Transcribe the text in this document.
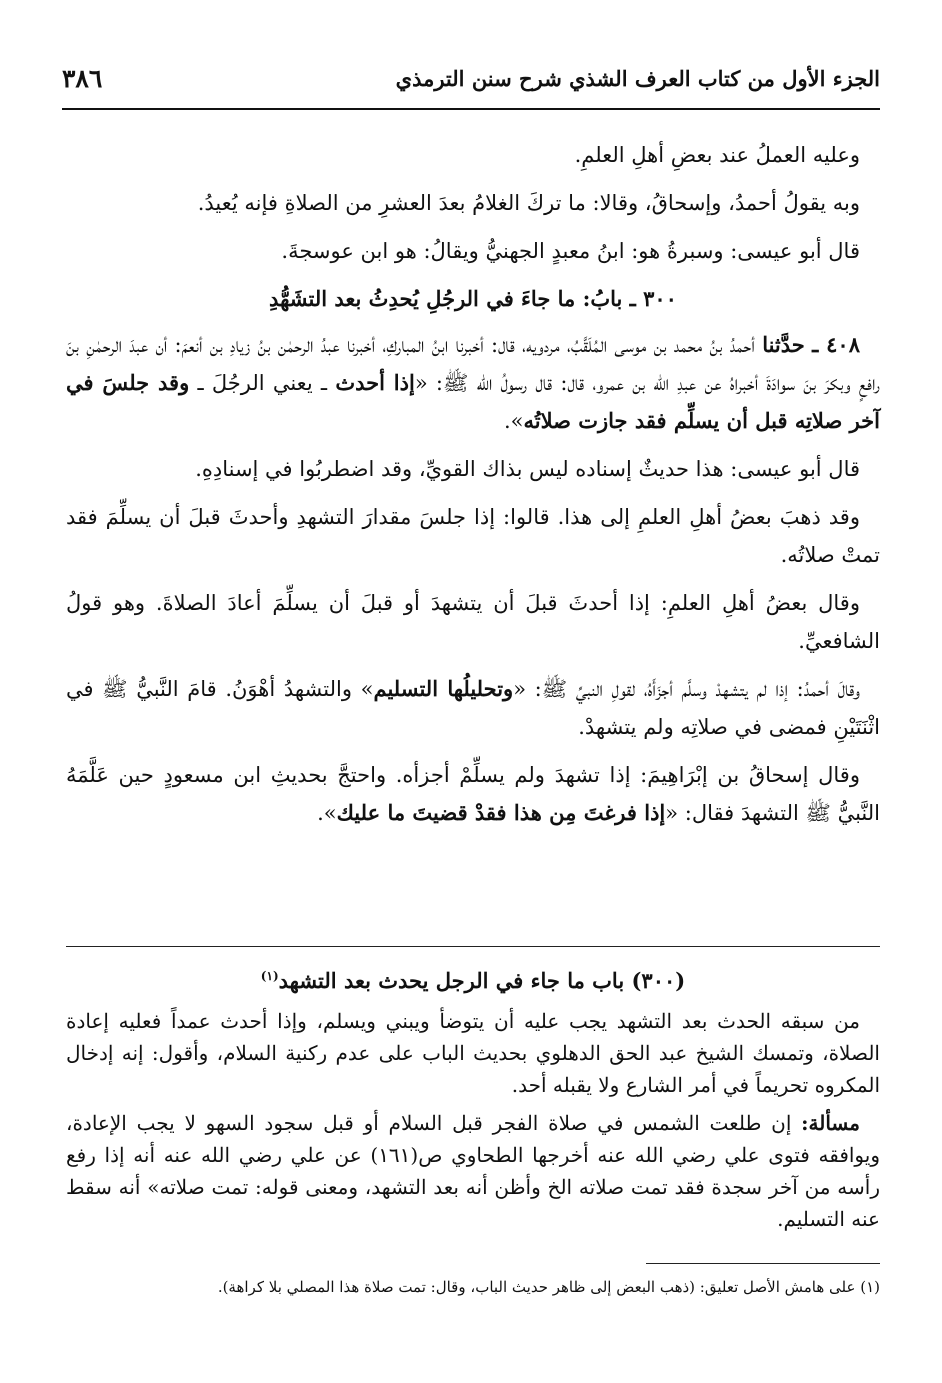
الجزء الأول من كتاب العرف الشذي شرح سنن الترمذي
٣٨٦

وعليه العملُ عند بعضِ أهلِ العلمِ.

وبه يقولُ أحمدُ، وإسحاقُ، وقالا: ما تركَ الغلامُ بعدَ العشرِ من الصلاةِ فإنه يُعيدُ.

قال أبو عيسى: وسبرةُ هو: ابنُ معبدٍ الجهنيُّ ويقالُ: هو ابن عوسجةَ.

٣٠٠ ـ بابُ: ما جاءَ في الرجُلِ يُحدِثُ بعد التشَهُّدِ

٤٠٨ ـ حدَّثنا أحمدُ بنُ محمد بن موسى المُلَقَّبُ، مردويه، قال: أخبرنا ابنُ المباركِ، أخبرنا عبدُ الرحمٰن بنُ زيادِ بن أنعمَ: أن عبدَ الرحمٰنِ بنَ رافعٍ وبكرَ بنَ سوادَةَ أخبراهُ عن عبدِ الله بن عمرو، قال: قال رسولُ الله ﷺ: «إذا أحدث ـ يعني الرجُلَ ـ وقد جلسَ في آخر صلاتِه قبل أن يسلِّم فقد جازت صلاتُه».

قال أبو عيسى: هذا حديثٌ إسناده ليس بذاك القويِّ، وقد اضطربُوا في إسنادِهِ.

وقد ذهبَ بعضُ أهلِ العلمِ إلى هذا. قالوا: إذا جلسَ مقدارَ التشهدِ وأحدثَ قبلَ أن يسلِّمَ فقد تمتْ صلاتُه.

وقال بعضُ أهلِ العلمِ: إذا أحدثَ قبلَ أن يتشهدَ أو قبلَ أن يسلِّمَ أعادَ الصلاةَ. وهو قولُ الشافعيِّ.

وقالَ أحمدُ: إذا لم يتشهدْ وسلَّم أجزَأَهُ، لقولِ النبيِّ ﷺ: «وتحليلُها التسليم» والتشهدُ أهْوَنُ. قامَ النَّبيُّ ﷺ في اثْنَتَيْنِ فمضى في صلاتِه ولم يتشهدْ.

وقال إسحاقُ بن إبْرَاهِيمَ: إذا تشهدَ ولم يسلِّمْ أجزأه. واحتجَّ بحديثِ ابن مسعودٍ حين عَلَّمَهُ النَّبيُّ ﷺ التشهدَ فقال: «إذا فرغتَ مِن هذا فقدْ قضيتَ ما عليك».

(٣٠٠) باب ما جاء في الرجل يحدث بعد التشهد$^{(١)}$

من سبقه الحدث بعد التشهد يجب عليه أن يتوضأ ويبني ويسلم، وإذا أحدث عمداً فعليه إعادة الصلاة، وتمسك الشيخ عبد الحق الدهلوي بحديث الباب على عدم ركنية السلام، وأقول: إنه إدخال المكروه تحريماً في أمر الشارع ولا يقبله أحد.

مسألة: إن طلعت الشمس في صلاة الفجر قبل السلام أو قبل سجود السهو لا يجب الإعادة، ويوافقه فتوى علي رضي الله عنه أخرجها الطحاوي ص(١٦١) عن علي رضي الله عنه أنه إذا رفع رأسه من آخر سجدة فقد تمت صلاته الخ وأظن أنه بعد التشهد، ومعنى قوله: تمت صلاته» أنه سقط عنه التسليم.

(١) على هامش الأصل تعليق: (ذهب البعض إلى ظاهر حديث الباب، وقال: تمت صلاة هذا المصلي بلا كراهة).
